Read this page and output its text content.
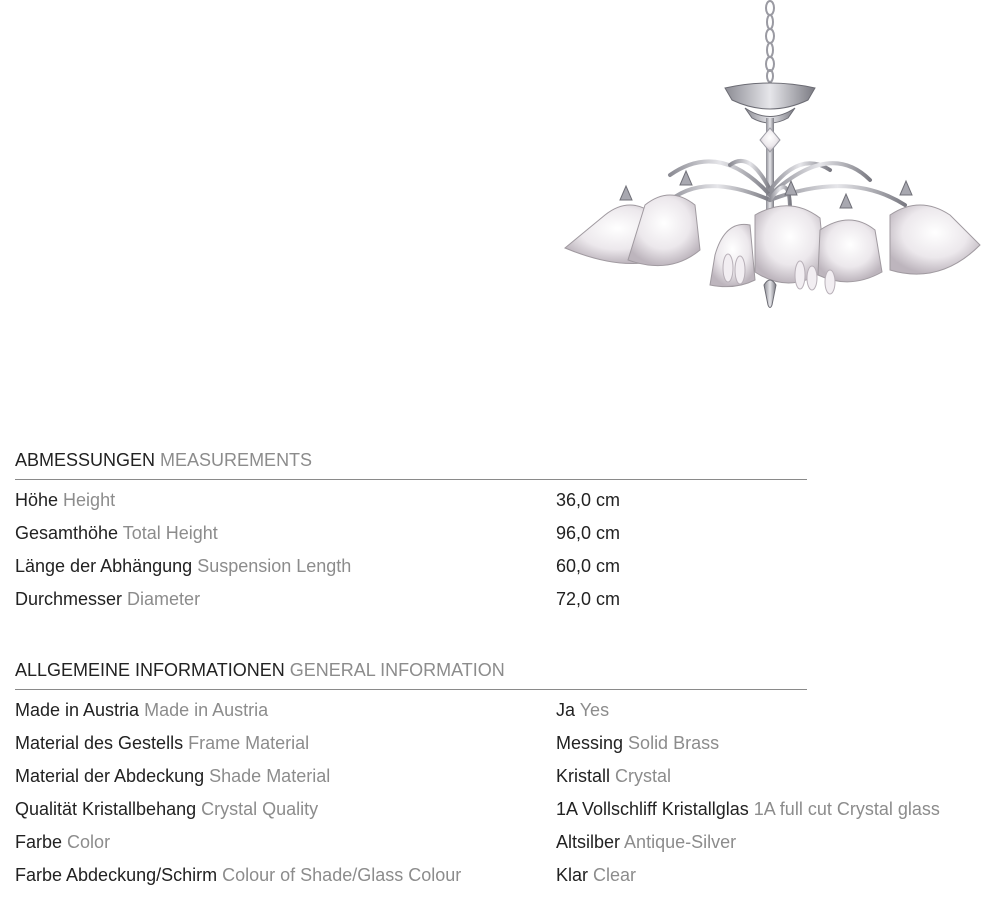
ABMESSUNGEN MEASUREMENTS
Höhe Height	36,0 cm
Gesamthöhe Total Height	96,0 cm
Länge der Abhängung Suspension Length	60,0 cm
Durchmesser Diameter	72,0 cm
ALLGEMEINE INFORMATIONEN GENERAL INFORMATION
Made in Austria Made in Austria	Ja Yes
Material des Gestells Frame Material	Messing Solid Brass
Material der Abdeckung Shade Material	Kristall Crystal
Qualität Kristallbehang Crystal Quality	1A Vollschliff Kristallglas 1A full cut Crystal glass
Farbe Color	Altsilber Antique-Silver
Farbe Abdeckung/Schirm Colour of Shade/Glass Colour	Klar Clear
